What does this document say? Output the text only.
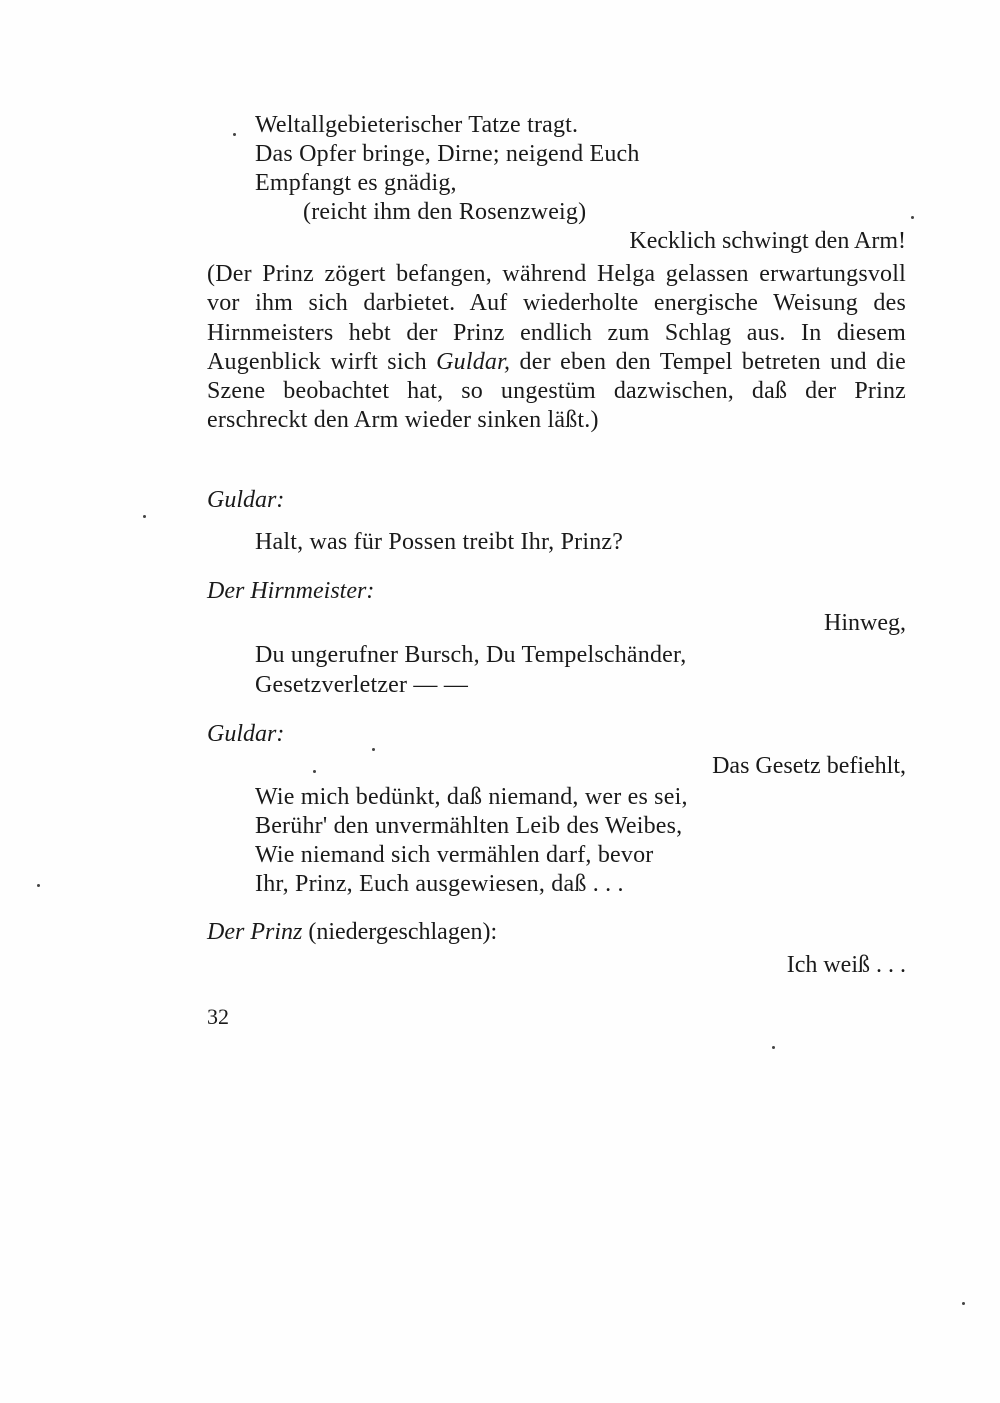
Weltallgebieterischer Tatze tragt.
Das Opfer bringe, Dirne; neigend Euch
Empfangt es gnädig,
(reicht ihm den Rosenzweig)
Kecklich schwingt den Arm!
(Der Prinz zögert befangen, während Helga gelassen erwartungsvoll vor ihm sich darbietet. Auf wiederholte energische Weisung des Hirnmeisters hebt der Prinz endlich zum Schlag aus. In diesem Augenblick wirft sich Guldar, der eben den Tempel betreten und die Szene beobachtet hat, so ungestüm dazwischen, daß der Prinz erschreckt den Arm wieder sinken läßt.)
Guldar:
Halt, was für Possen treibt Ihr, Prinz?
Der Hirnmeister:
Hinweg,
Du ungerufner Bursch, Du Tempelschänder,
Gesetzverletzer — —
Guldar:
Das Gesetz befiehlt,
Wie mich bedünkt, daß niemand, wer es sei,
Berühr' den unvermählten Leib des Weibes,
Wie niemand sich vermählen darf, bevor
Ihr, Prinz, Euch ausgewiesen, daß . . .
Der Prinz (niedergeschlagen):
Ich weiß . . .
32
